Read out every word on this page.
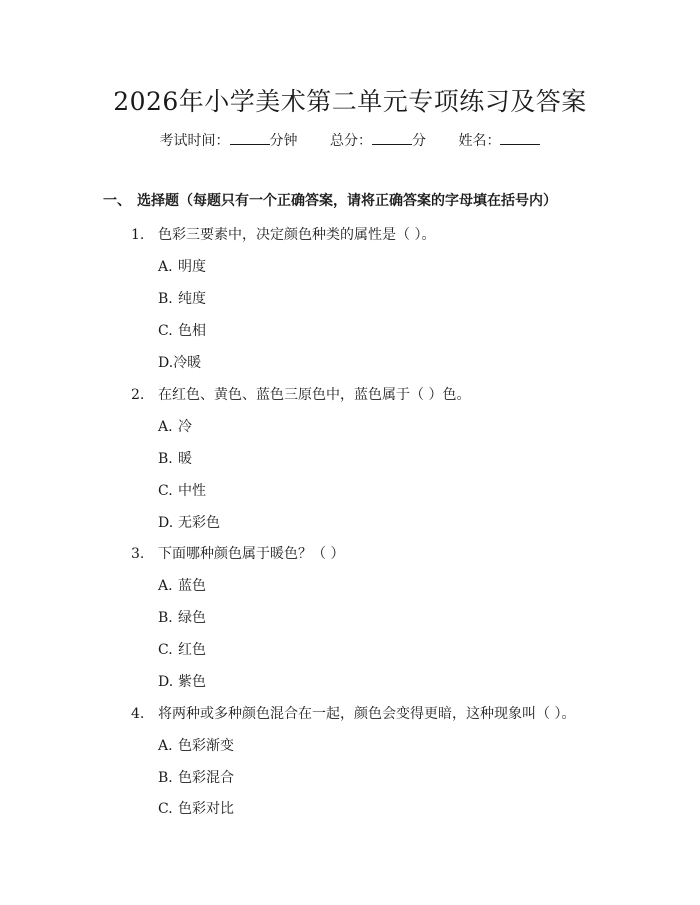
2026年小学美术第二单元专项练习及答案
考试时间：	分钟 总分：	分 姓名：
一、 选择题（每题只有一个正确答案，请将正确答案的字母填在括号内）
1. 色彩三要素中，决定颜色种类的属性是（ ）。
A. 明度
B. 纯度
C. 色相
D.冷暖
2. 在红色、黄色、蓝色三原色中，蓝色属于（ ）色。
A. 冷
B. 暖
C. 中性
D. 无彩色
3. 下面哪种颜色属于暖色？（ ）
A. 蓝色
B. 绿色
C. 红色
D. 紫色
4. 将两种或多种颜色混合在一起，颜色会变得更暗，这种现象叫（ ）。
A. 色彩渐变
B. 色彩混合
C. 色彩对比
